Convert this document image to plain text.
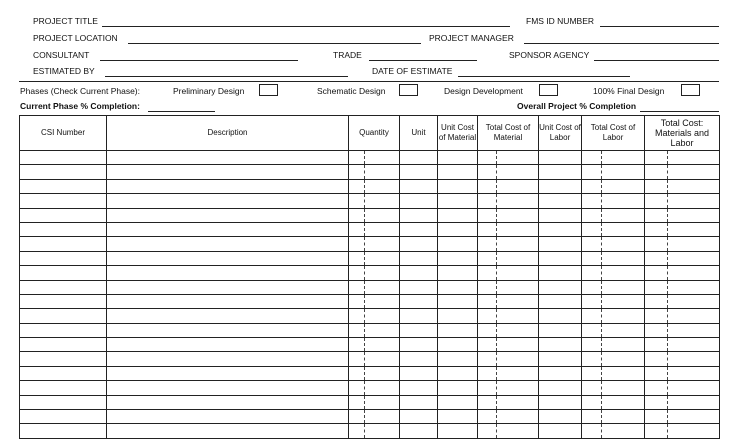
PROJECT TITLE	FMS ID NUMBER
PROJECT LOCATION	PROJECT MANAGER
CONSULTANT	TRADE	SPONSOR AGENCY
ESTIMATED BY	DATE OF ESTIMATE
Phases (Check Current Phase):	Preliminary Design	Schematic Design	Design Development	100% Final Design
Current Phase % Completion:	Overall Project % Completion
CSI Number	Description	Quantity	Unit	Unit Cost of Material	Total Cost of Material	Unit Cost of Labor	Total Cost of Labor	Total Cost: Materials and Labor
